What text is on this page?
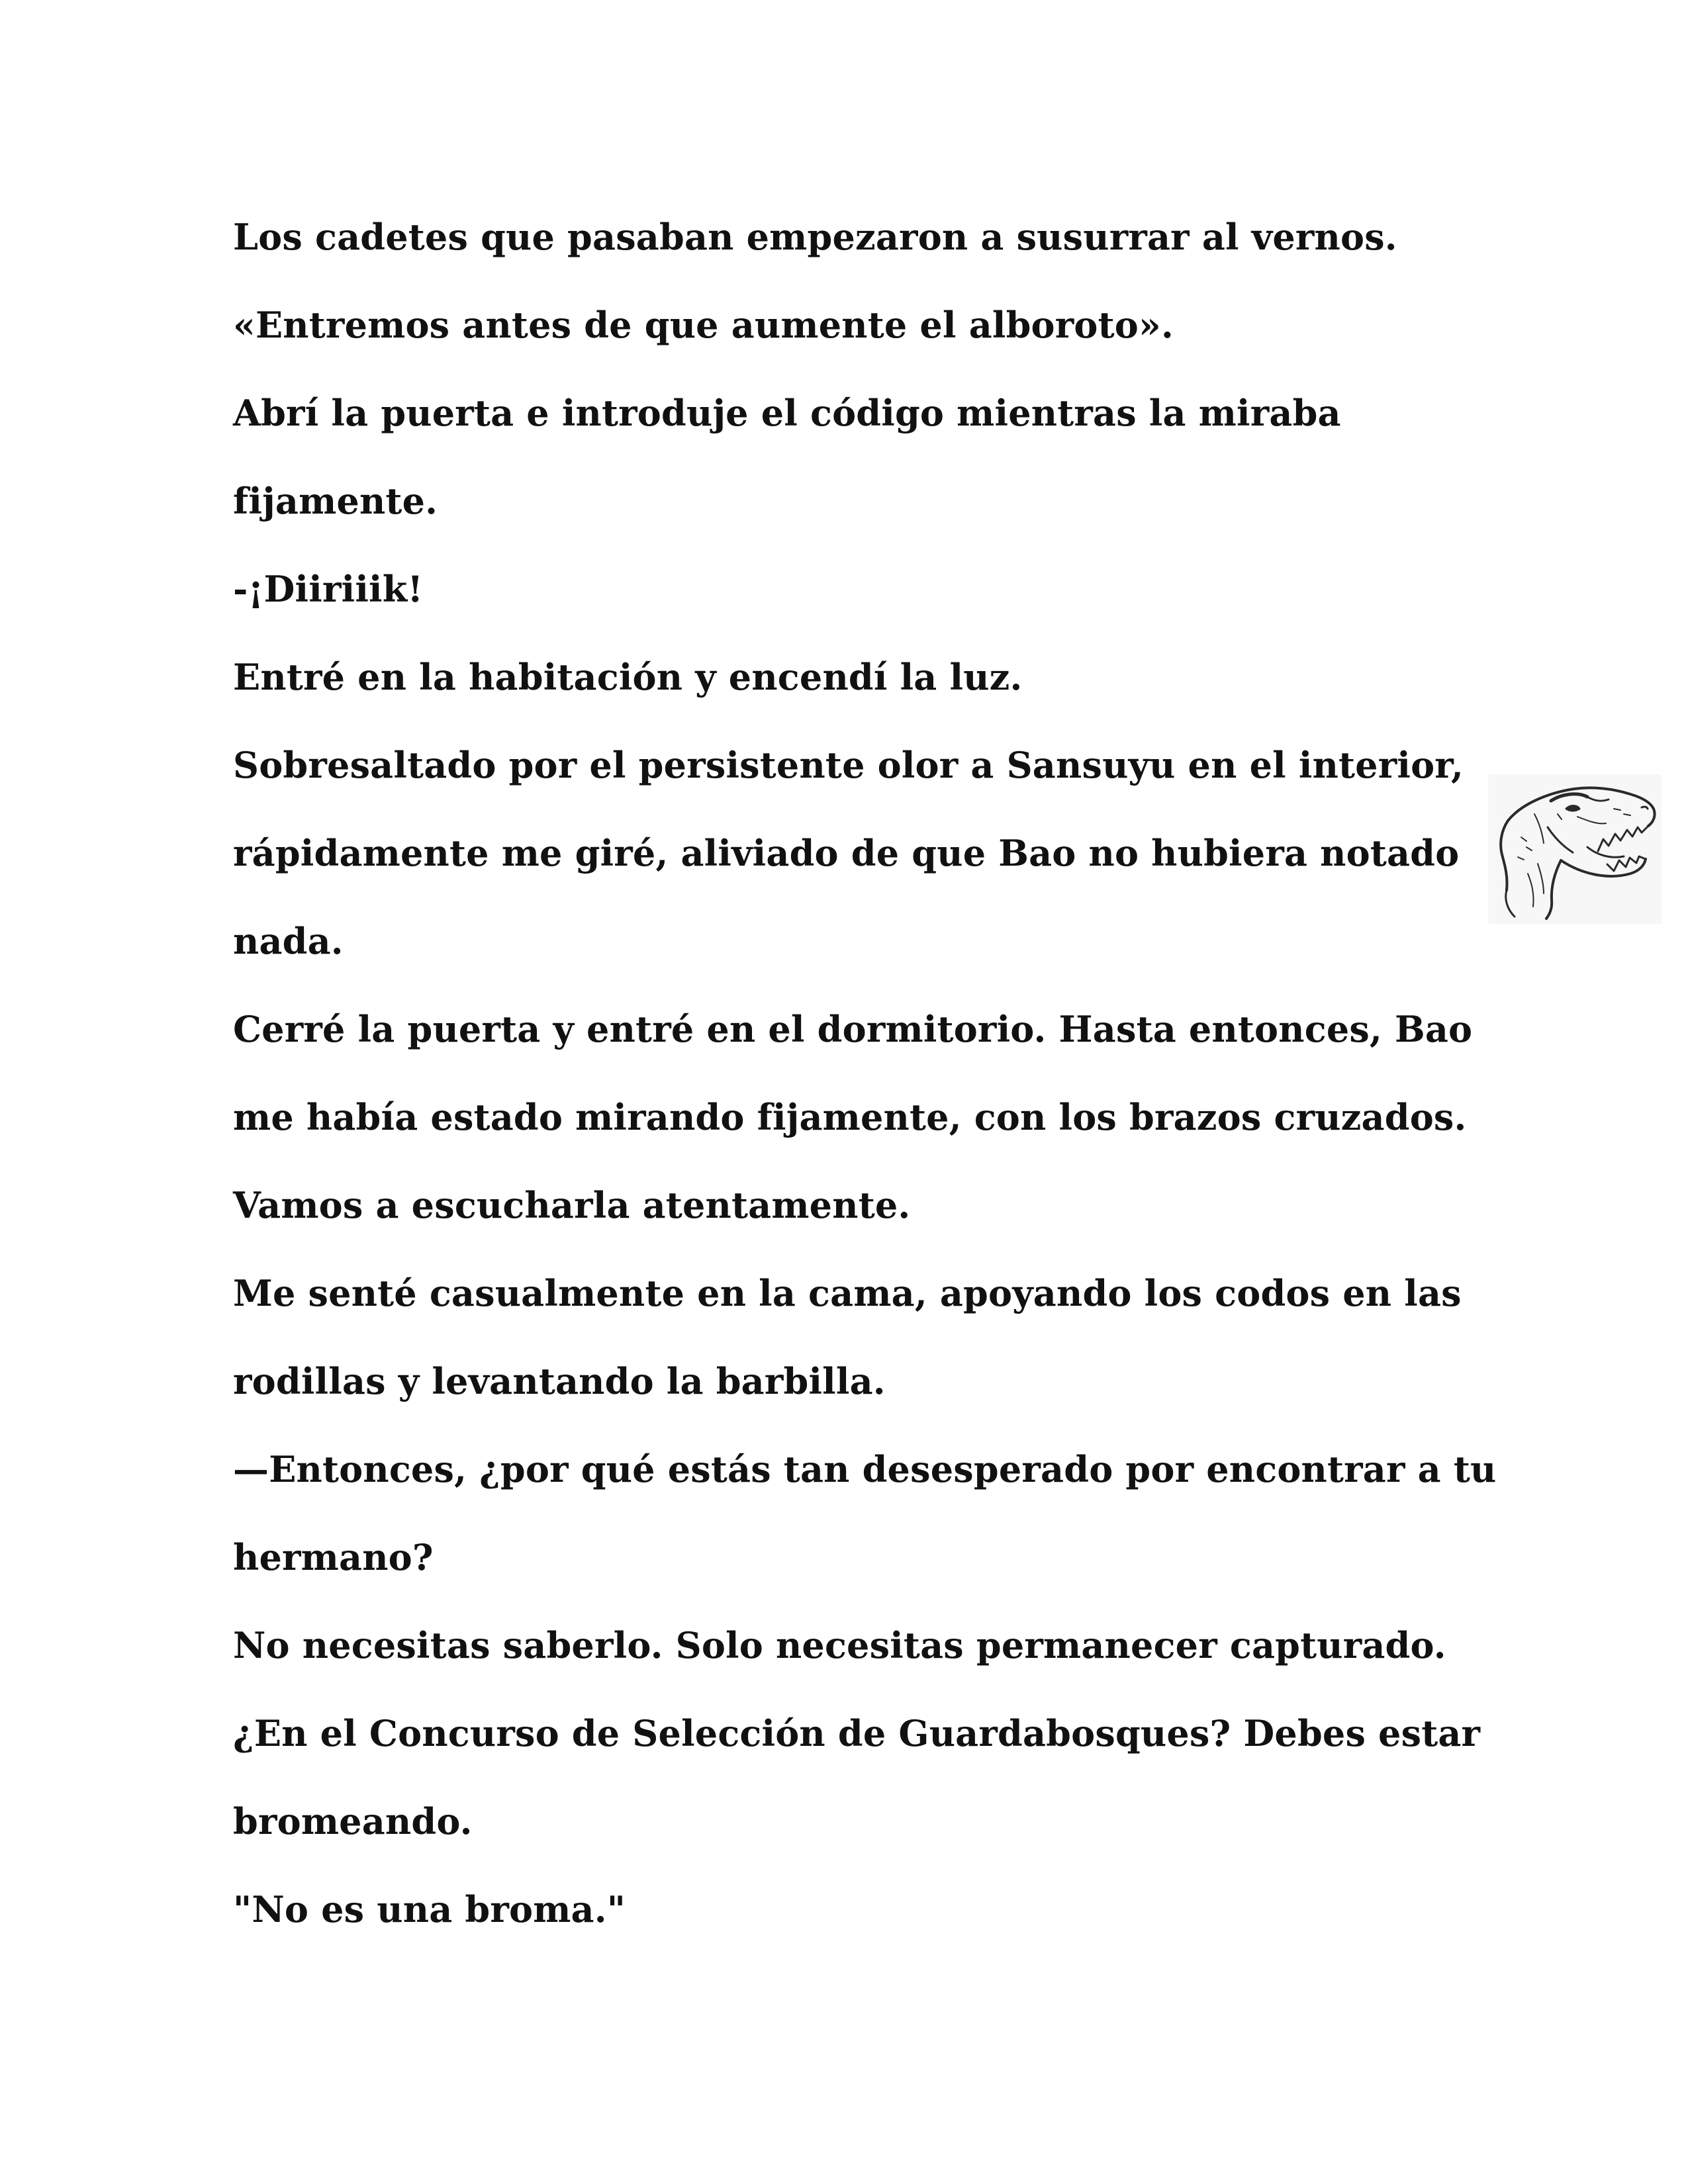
Los cadetes que pasaban empezaron a susurrar al vernos.
«Entremos antes de que aumente el alboroto».
Abrí la puerta e introduje el código mientras la miraba
fijamente.
-¡Diiriiik!
Entré en la habitación y encendí la luz.
Sobresaltado por el persistente olor a Sansuyu en el interior,
rápidamente me giré, aliviado de que Bao no hubiera notado
nada.
Cerré la puerta y entré en el dormitorio. Hasta entonces, Bao
me había estado mirando fijamente, con los brazos cruzados.
Vamos a escucharla atentamente.
Me senté casualmente en la cama, apoyando los codos en las
rodillas y levantando la barbilla.
—Entonces, ¿por qué estás tan desesperado por encontrar a tu
hermano?
No necesitas saberlo. Solo necesitas permanecer capturado.
¿En el Concurso de Selección de Guardabosques? Debes estar
bromeando.
"No es una broma."
